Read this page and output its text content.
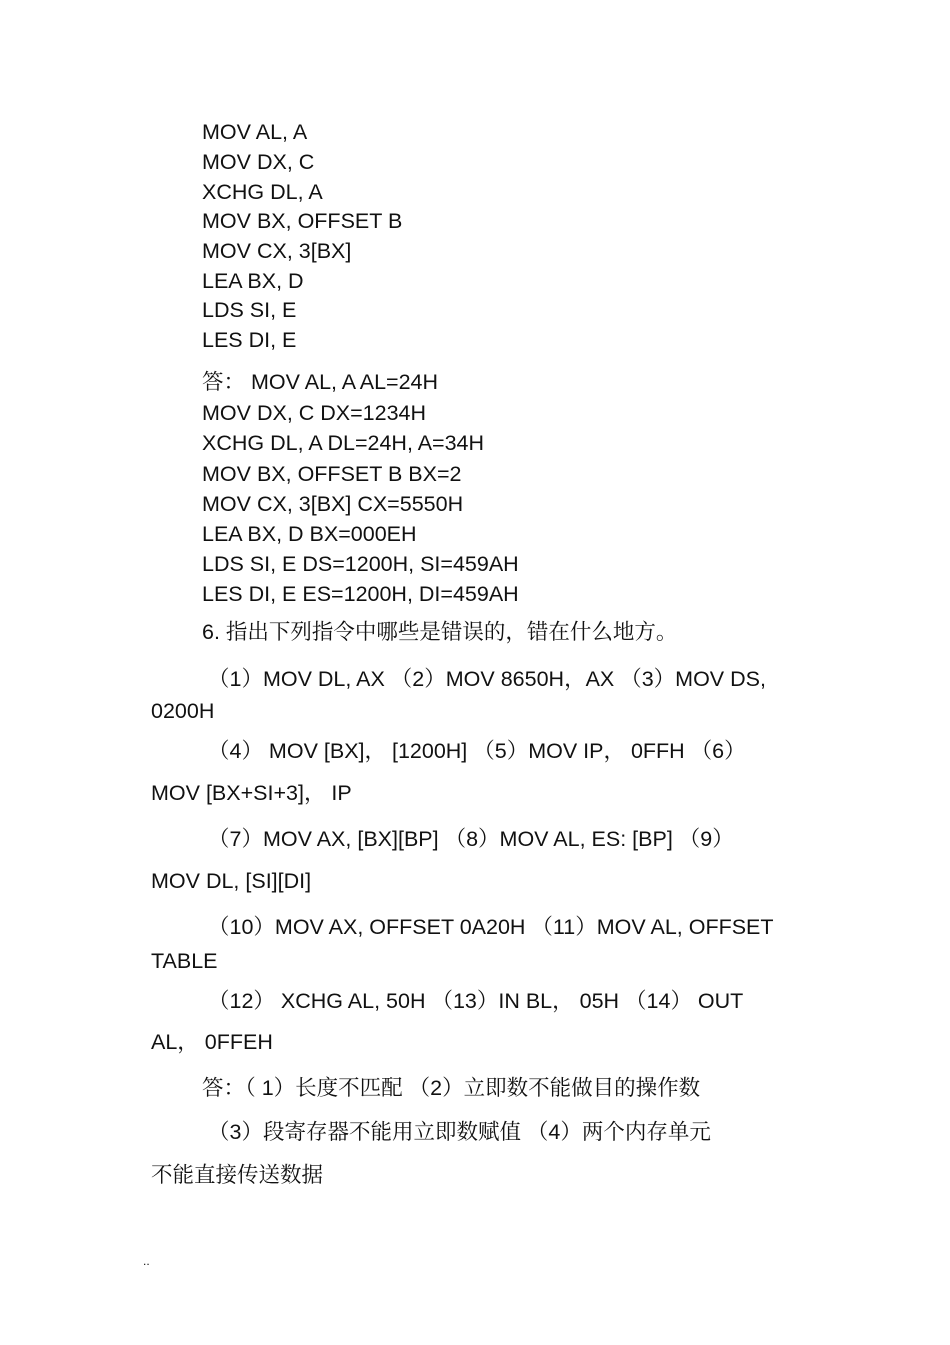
MOV AL, A
MOV DX, C
XCHG DL, A
MOV BX, OFFSET B
MOV CX, 3[BX]
LEA BX, D
LDS SI, E
LES DI, E
答： MOV AL, A AL=24H
MOV DX, C DX=1234H
XCHG DL, A DL=24H, A=34H
MOV BX, OFFSET B BX=2
MOV CX, 3[BX] CX=5550H
LEA BX, D BX=000EH
LDS SI, E DS=1200H, SI=459AH
LES DI, E ES=1200H, DI=459AH
6. 指出下列指令中哪些是错误的，错在什么地方。
（1）MOV DL, AX （2）MOV 8650H，AX （3）MOV DS,
0200H
（4） MOV [BX]， [1200H] （5）MOV IP， 0FFH （6）
MOV [BX+SI+3]， IP
（7）MOV AX, [BX][BP] （8）MOV AL, ES: [BP] （9）
MOV DL, [SI][DI]
（10）MOV AX, OFFSET 0A20H （11）MOV AL, OFFSET
TABLE
（12） XCHG AL, 50H （13）IN BL， 05H （14） OUT
AL， 0FFEH
答：（ 1）长度不匹配 （2）立即数不能做目的操作数
（3）段寄存器不能用立即数赋值 （4）两个内存单元
不能直接传送数据
..
